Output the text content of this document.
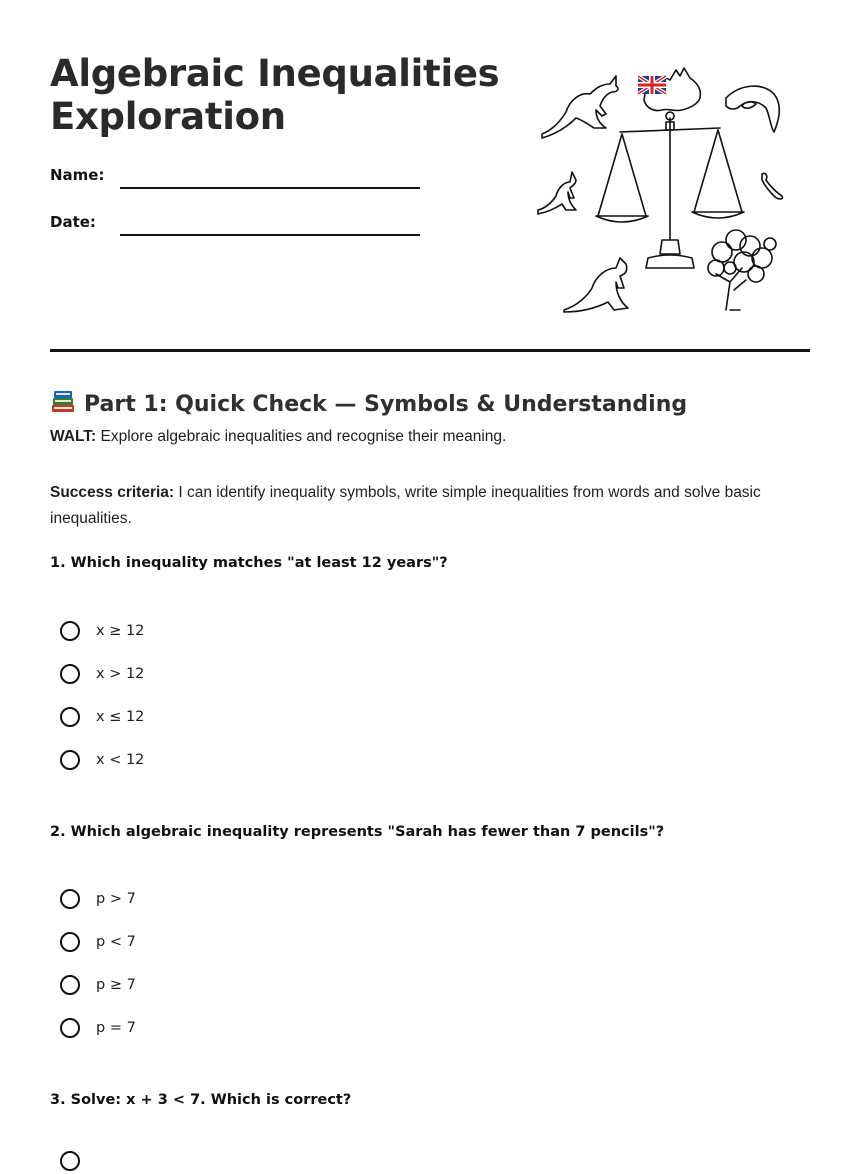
Algebraic Inequalities
Exploration
Name:
Date:
Part 1: Quick Check — Symbols & Understanding

WALT: Explore algebraic inequalities and recognise their meaning.

Success criteria: I can identify inequality symbols, write simple inequalities from words and solve basic inequalities.

1. Which inequality matches "at least 12 years"?
x ≥ 12
x > 12
x ≤ 12
x < 12
2. Which algebraic inequality represents "Sarah has fewer than 7 pencils"?
p > 7
p < 7
p ≥ 7
p = 7
3. Solve: x + 3 < 7. Which is correct?
